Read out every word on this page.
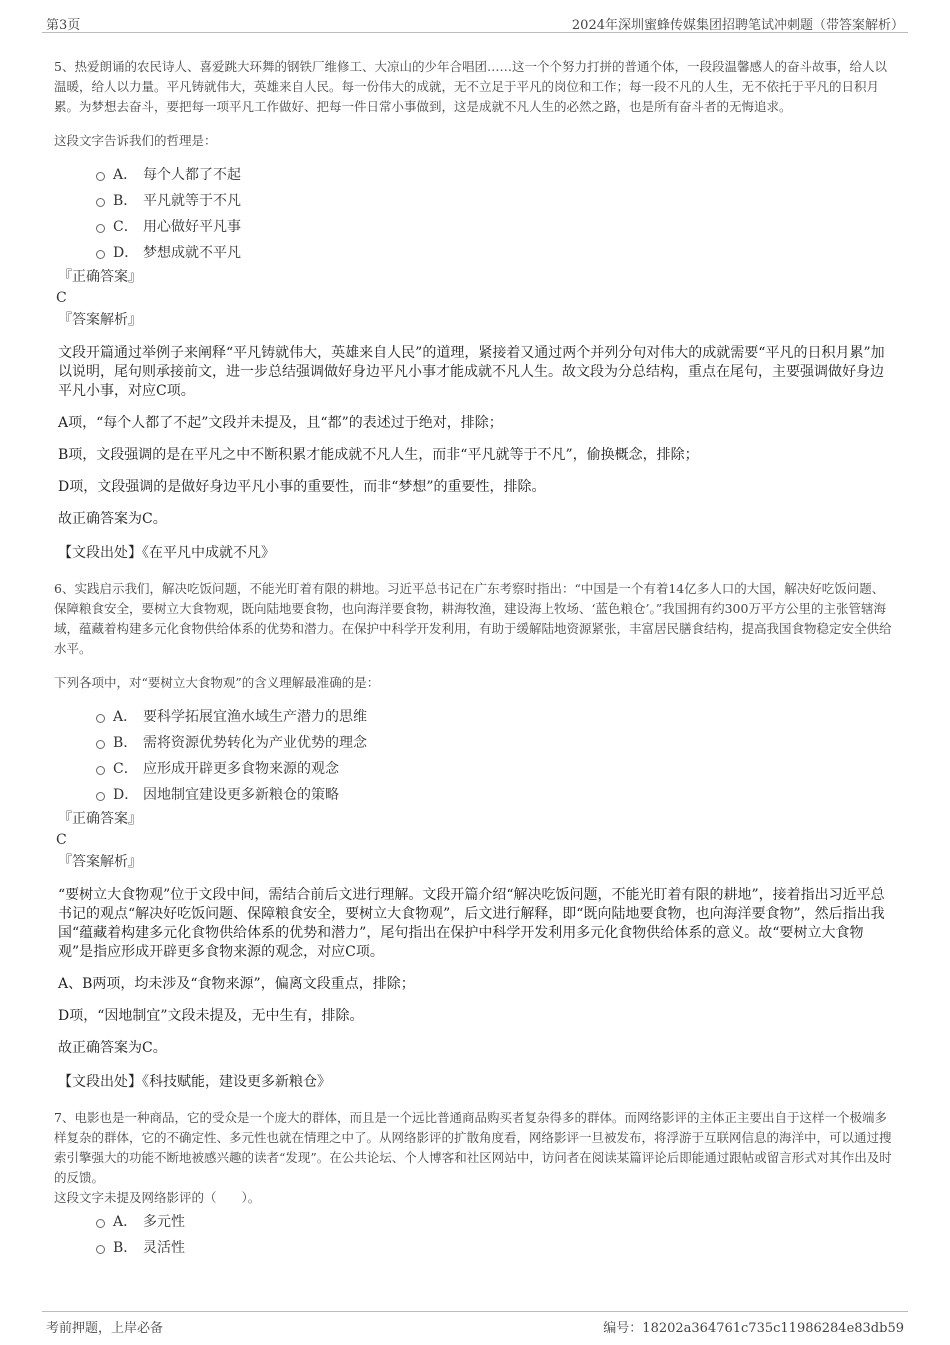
第3页	2024年深圳蜜蜂传媒集团招聘笔试冲刺题（带答案解析）

5、热爱朗诵的农民诗人、喜爱跳大环舞的钢铁厂维修工、大凉山的少年合唱团……这一个个努力打拼的普通个体，一段段温馨感人的奋斗故事，给人以温暖，给人以力量。平凡铸就伟大，英雄来自人民。每一份伟大的成就，无不立足于平凡的岗位和工作；每一段不凡的人生，无不依托于平凡的日积月累。为梦想去奋斗，要把每一项平凡工作做好、把每一件日常小事做到，这是成就不凡人生的必然之路，也是所有奋斗者的无悔追求。

这段文字告诉我们的哲理是：

A． 每个人都了不起
B． 平凡就等于不凡
C． 用心做好平凡事
D． 梦想成就不平凡
『正确答案』
C
『答案解析』

文段开篇通过举例子来阐释“平凡铸就伟大，英雄来自人民”的道理，紧接着又通过两个并列分句对伟大的成就需要“平凡的日积月累”加以说明，尾句则承接前文，进一步总结强调做好身边平凡小事才能成就不凡人生。故文段为分总结构，重点在尾句，主要强调做好身边平凡小事，对应C项。

A项，“每个人都了不起”文段并未提及，且“都”的表述过于绝对，排除；

B项，文段强调的是在平凡之中不断积累才能成就不凡人生，而非“平凡就等于不凡”，偷换概念，排除；

D项，文段强调的是做好身边平凡小事的重要性，而非“梦想”的重要性，排除。

故正确答案为C。

【文段出处】《在平凡中成就不凡》

6、实践启示我们，解决吃饭问题，不能光盯着有限的耕地。习近平总书记在广东考察时指出：“中国是一个有着14亿多人口的大国，解决好吃饭问题、保障粮食安全，要树立大食物观，既向陆地要食物，也向海洋要食物，耕海牧渔，建设海上牧场、‘蓝色粮仓’。”我国拥有约300万平方公里的主张管辖海域，蕴藏着构建多元化食物供给体系的优势和潜力。在保护中科学开发利用，有助于缓解陆地资源紧张，丰富居民膳食结构，提高我国食物稳定安全供给水平。

下列各项中，对“要树立大食物观”的含义理解最准确的是：

A． 要科学拓展宜渔水域生产潜力的思维
B． 需将资源优势转化为产业优势的理念
C． 应形成开辟更多食物来源的观念
D． 因地制宜建设更多新粮仓的策略
『正确答案』
C
『答案解析』

“要树立大食物观”位于文段中间，需结合前后文进行理解。文段开篇介绍“解决吃饭问题，不能光盯着有限的耕地”，接着指出习近平总书记的观点“解决好吃饭问题、保障粮食安全，要树立大食物观”，后文进行解释，即“既向陆地要食物，也向海洋要食物”，然后指出我国“蕴藏着构建多元化食物供给体系的优势和潜力”，尾句指出在保护中科学开发利用多元化食物供给体系的意义。故“要树立大食物观”是指应形成开辟更多食物来源的观念，对应C项。

A、B两项，均未涉及“食物来源”，偏离文段重点，排除；

D项，“因地制宜”文段未提及，无中生有，排除。

故正确答案为C。

【文段出处】《科技赋能，建设更多新粮仓》

7、电影也是一种商品，它的受众是一个庞大的群体，而且是一个远比普通商品购买者复杂得多的群体。而网络影评的主体正主要出自于这样一个极端多样复杂的群体，它的不确定性、多元性也就在情理之中了。从网络影评的扩散角度看，网络影评一旦被发布，将浮游于互联网信息的海洋中，可以通过搜索引擎强大的功能不断地被感兴趣的读者“发现”。在公共论坛、个人博客和社区网站中，访问者在阅读某篇评论后即能通过跟帖或留言形式对其作出及时的反馈。

这段文字未提及网络影评的（　　）。

A． 多元性
B． 灵活性
考前押题，上岸必备	编号：18202a364761c735c11986284e83db59
